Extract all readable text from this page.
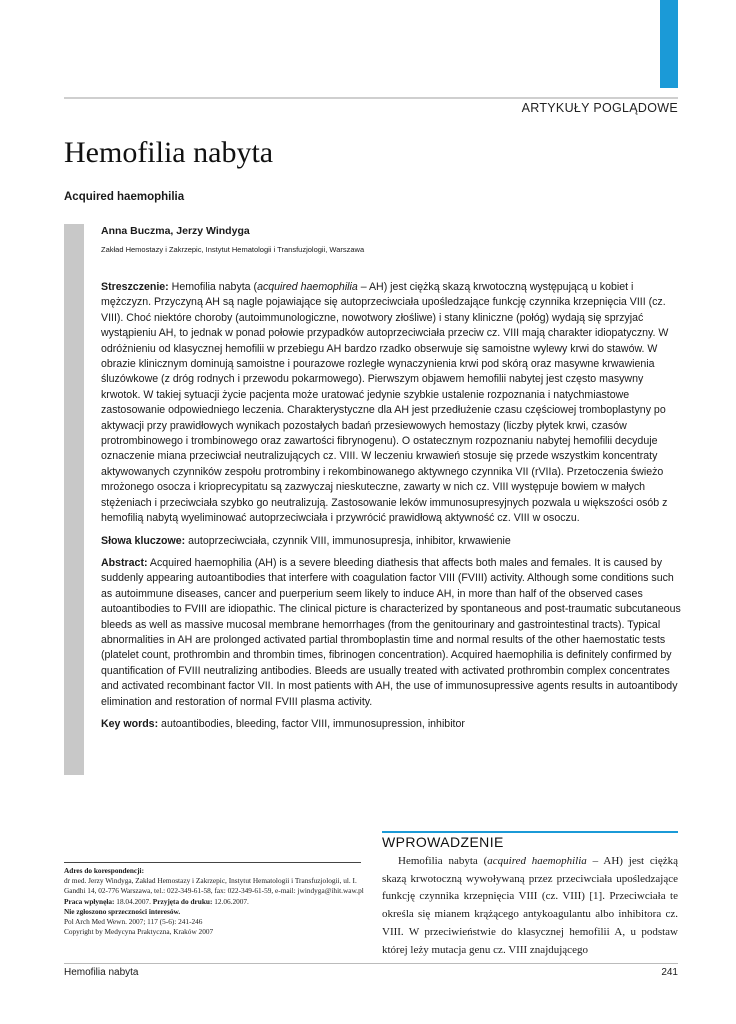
ARTYKUŁY POGLĄDOWE
Hemofilia nabyta
Acquired haemophilia
Anna Buczma, Jerzy Windyga
Zakład Hemostazy i Zakrzepic, Instytut Hematologii i Transfuzjologii, Warszawa

Streszczenie: Hemofilia nabyta (acquired haemophilia – AH) jest ciężką skazą krwotoczną występującą u kobiet i mężczyzn. Przyczyną AH są nagle pojawiające się autoprzeciwciała upośledzające funkcję czynnika krzepnięcia VIII (cz. VIII). Choć niektóre choroby (autoimmunologiczne, nowotwory złośliwe) i stany kliniczne (połóg) wydają się sprzyjać wystąpieniu AH, to jednak w ponad połowie przypadków autoprzeciwciała przeciw cz. VIII mają charakter idiopatyczny. W odróżnieniu od klasycznej hemofilii w przebiegu AH bardzo rzadko obserwuje się samoistne wylewy krwi do stawów. W obrazie klinicznym dominują samoistne i pourazowe rozległe wynaczynienia krwi pod skórą oraz masywne krwawienia śluzówkowe (z dróg rodnych i przewodu pokarmowego). Pierwszym objawem hemofilii nabytej jest często masywny krwotok. W takiej sytuacji życie pacjenta może uratować jedynie szybkie ustalenie rozpoznania i natychmiastowe zastosowanie odpowiedniego leczenia. Charakterystyczne dla AH jest przedłużenie czasu częściowej tromboplastyny po aktywacji przy prawidłowych wynikach pozostałych badań przesiewowych hemostazy (liczby płytek krwi, czasów protrombinowego i trombinowego oraz zawartości fibrynogenu). O ostatecznym rozpoznaniu nabytej hemofilii decyduje oznaczenie miana przeciwciał neutralizujących cz. VIII. W leczeniu krwawień stosuje się przede wszystkim koncentraty aktywowanych czynników zespołu protrombiny i rekombinowanego aktywnego czynnika VII (rVIIa). Przetoczenia świeżo mrożonego osocza i krioprecypitatu są zazwyczaj nieskuteczne, zawarty w nich cz. VIII występuje bowiem w małych stężeniach i przeciwciała szybko go neutralizują. Zastosowanie leków immunosupresyjnych pozwala u większości osób z hemofilią nabytą wyeliminować autoprzeciwciała i przywrócić prawidłową aktywność cz. VIII w osoczu.

Słowa kluczowe: autoprzeciwciała, czynnik VIII, immunosupresja, inhibitor, krwawienie

Abstract: Acquired haemophilia (AH) is a severe bleeding diathesis that affects both males and females. It is caused by suddenly appearing autoantibodies that interfere with coagulation factor VIII (FVIII) activity. Although some conditions such as autoimmune diseases, cancer and puerperium seem likely to induce AH, in more than half of the observed cases autoantibodies to FVIII are idiopathic. The clinical picture is characterized by spontaneous and post-traumatic subcutaneous bleeds as well as massive mucosal membrane hemorrhages (from the genitourinary and gastrointestinal tracts). Typical abnormalities in AH are prolonged activated partial thromboplastin time and normal results of the other haemostatic tests (platelet count, prothrombin and thrombin times, fibrinogen concentration). Acquired haemophilia is definitely confirmed by quantification of FVIII neutralizing antibodies. Bleeds are usually treated with activated prothrombin complex concentrates and activated recombinant factor VII. In most patients with AH, the use of immunosupressive agents results in autoantibody elimination and restoration of normal FVIII plasma activity.

Key words: autoantibodies, bleeding, factor VIII, immunosupression, inhibitor

Adres do korespondencji:
dr med. Jerzy Windyga, Zakład Hemostazy i Zakrzepic, Instytut Hematologii i Transfuzjologii, ul. I. Gandhi 14, 02-776 Warszawa, tel.: 022-349-61-58, fax: 022-349-61-59, e-mail: jwindyga@ihit.waw.pl
Praca wpłynęła: 18.04.2007. Przyjęta do druku: 12.06.2007.
Nie zgłoszono sprzeczności interesów.
Pol Arch Med Wewn. 2007; 117 (5-6): 241-246
Copyright by Medycyna Praktyczna, Kraków 2007
WPROWADZENIE

Hemofilia nabyta (acquired haemophilia – AH) jest ciężką skazą krwotoczną wywoływaną przez przeciwciała upośledzające funkcję czynnika krzepnięcia VIII (cz. VIII) [1]. Przeciwciała te określa się mianem krążącego antykoagulantu albo inhibitora cz. VIII. W przeciwieństwie do klasycznej hemofilii A, u podstaw której leży mutacja genu cz. VIII znajdującego

Hemofilia nabyta	241
